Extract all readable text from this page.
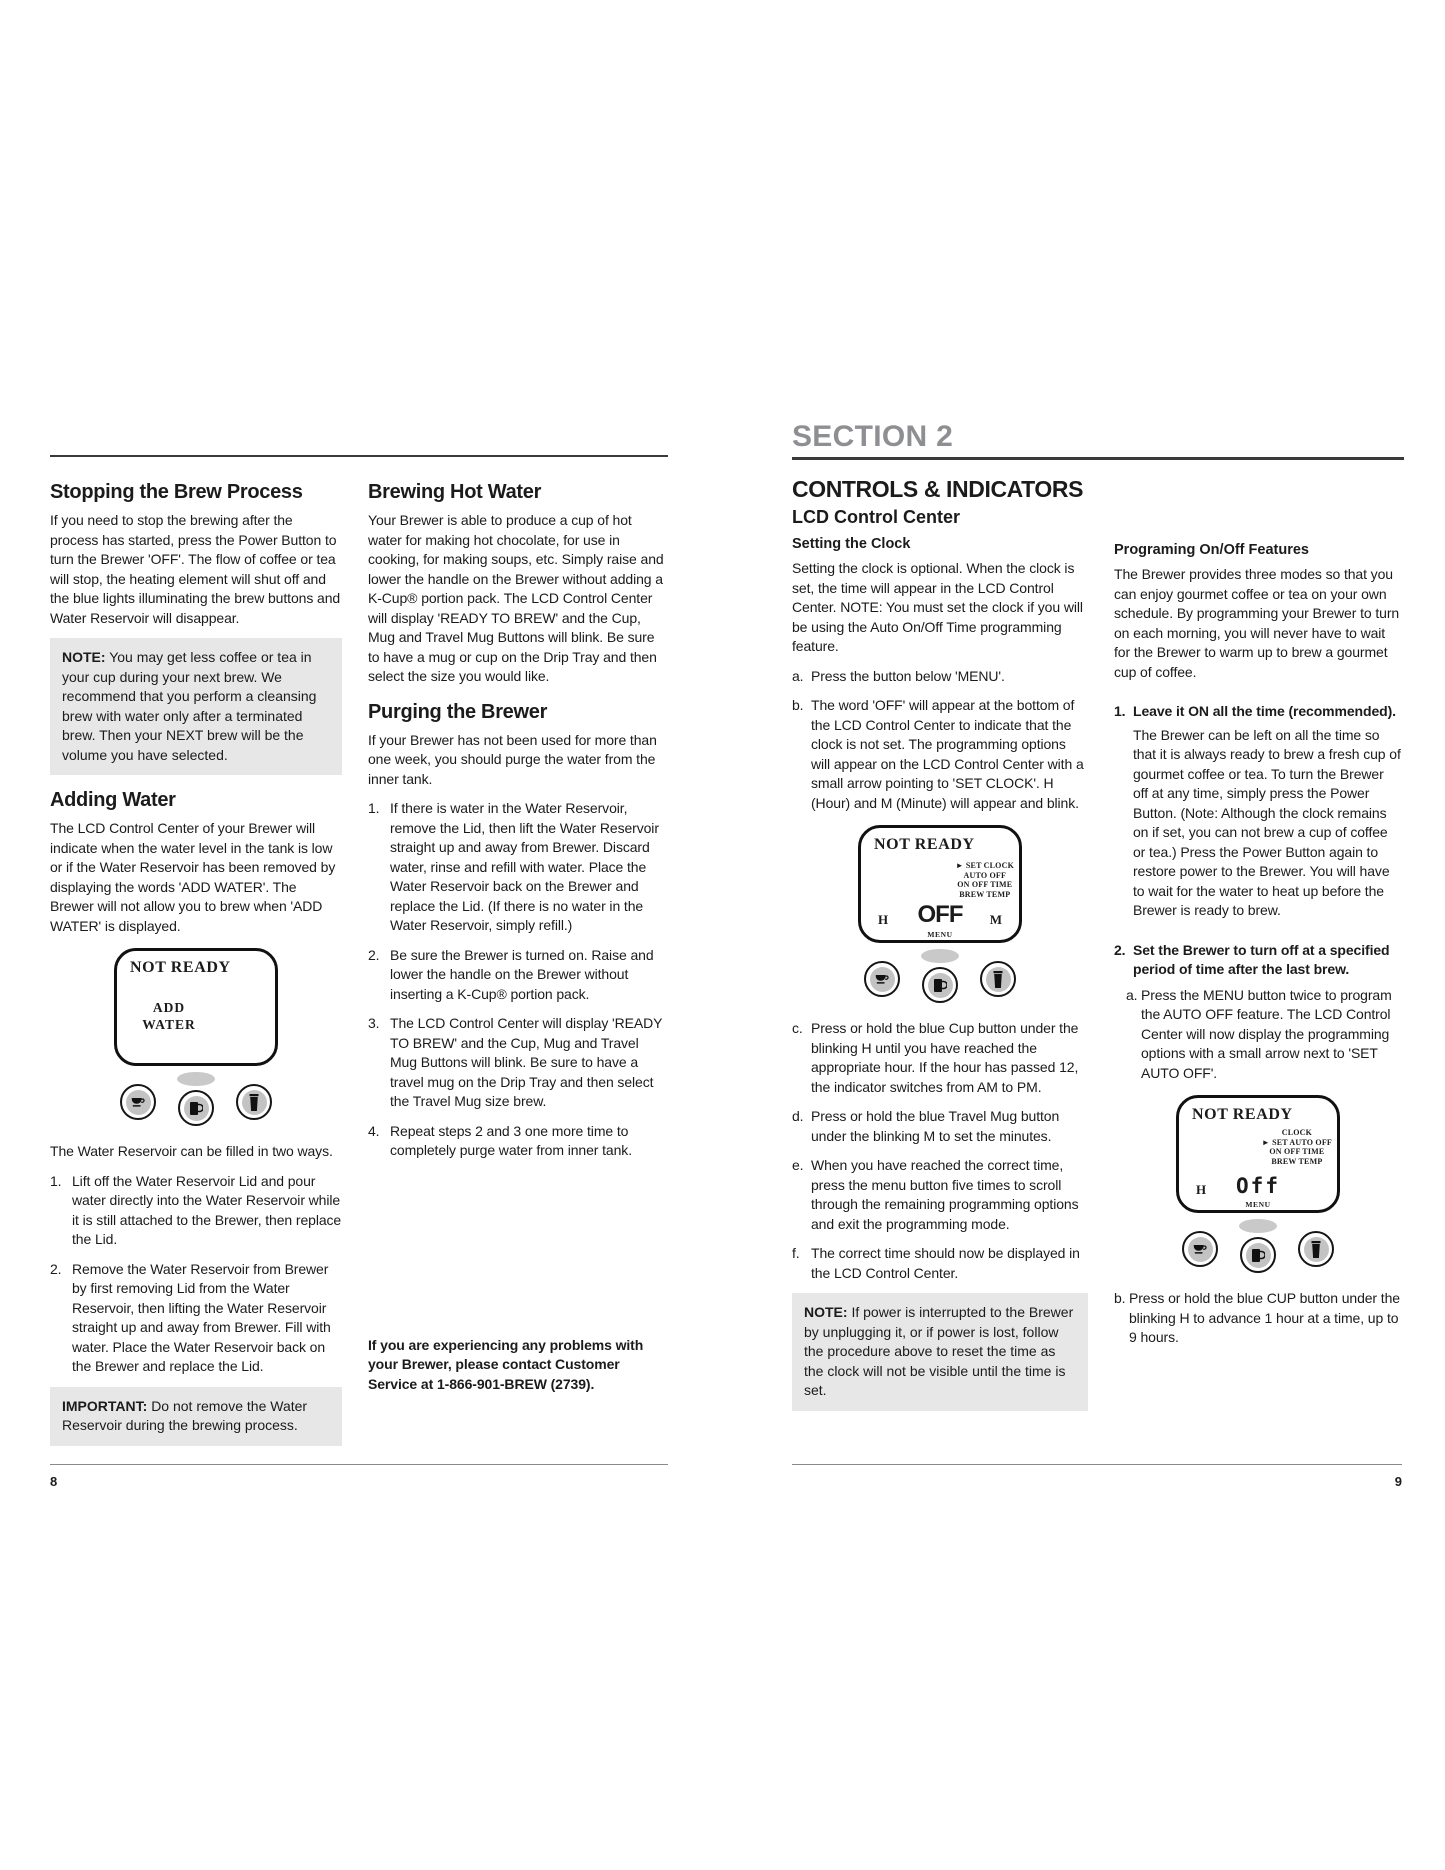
Stopping the Brew Process

If you need to stop the brewing after the process has started, press the Power Button to turn the Brewer 'OFF'. The flow of coffee or tea will stop, the heating element will shut off and the blue lights illuminating the brew buttons and Water Reservoir will disappear.

NOTE: You may get less coffee or tea in your cup during your next brew. We recommend that you perform a cleansing brew with water only after a terminated brew. Then your NEXT brew will be the volume you have selected.
Adding Water

The LCD Control Center of your Brewer will indicate when the water level in the tank is low or if the Water Reservoir has been removed by displaying the words 'ADD WATER'. The Brewer will not allow you to brew when 'ADD WATER' is displayed.

NOT READY
ADD
WATER

The Water Reservoir can be filled in two ways.

1. Lift off the Water Reservoir Lid and pour water directly into the Water Reservoir while it is still attached to the Brewer, then replace the Lid.
2. Remove the Water Reservoir from Brewer by first removing Lid from the Water Reservoir, then lifting the Water Reservoir straight up and away from Brewer. Fill with water. Place the Water Reservoir back on the Brewer and replace the Lid.
IMPORTANT: Do not remove the Water Reservoir during the brewing process.
Brewing Hot Water

Your Brewer is able to produce a cup of hot water for making hot chocolate, for use in cooking, for making soups, etc. Simply raise and lower the handle on the Brewer without adding a K-Cup® portion pack. The LCD Control Center will display 'READY TO BREW' and the Cup, Mug and Travel Mug Buttons will blink. Be sure to have a mug or cup on the Drip Tray and then select the size you would like.

Purging the Brewer

If your Brewer has not been used for more than one week, you should purge the water from the inner tank.

1. If there is water in the Water Reservoir, remove the Lid, then lift the Water Reservoir straight up and away from Brewer. Discard water, rinse and refill with water. Place the Water Reservoir back on the Brewer and replace the Lid. (If there is no water in the Water Reservoir, simply refill.)
2. Be sure the Brewer is turned on. Raise and lower the handle on the Brewer without inserting a K-Cup® portion pack.
3. The LCD Control Center will display 'READY TO BREW' and the Cup, Mug and Travel Mug Buttons will blink. Be sure to have a travel mug on the Drip Tray and then select the Travel Mug size brew.
4. Repeat steps 2 and 3 one more time to completely purge water from inner tank.

If you are experiencing any problems with your Brewer, please contact Customer Service at 1-866-901-BREW (2739).

8
SECTION 2
CONTROLS & INDICATORS
LCD Control Center
Setting the Clock

Setting the clock is optional. When the clock is set, the time will appear in the LCD Control Center. NOTE: You must set the clock if you will be using the Auto On/Off Time programming feature.

a. Press the button below 'MENU'.
b. The word 'OFF' will appear at the bottom of the LCD Control Center to indicate that the clock is not set. The programming options will appear on the LCD Control Center with a small arrow pointing to 'SET CLOCK'. H (Hour) and M (Minute) will appear and blink.
NOT READY
► SET CLOCK
AUTO OFF
ON OFF TIME
BREW TEMP
H	OFF	M
MENU
c. Press or hold the blue Cup button under the blinking H until you have reached the appropriate hour. If the hour has passed 12, the indicator switches from AM to PM.
d. Press or hold the blue Travel Mug button under the blinking M to set the minutes.
e. When you have reached the correct time, press the menu button five times to scroll through the remaining programming options and exit the programming mode.
f. The correct time should now be displayed in the LCD Control Center.
NOTE: If power is interrupted to the Brewer by unplugging it, or if power is lost, follow the procedure above to reset the time as the clock will not be visible until the time is set.
Programing On/Off Features

The Brewer provides three modes so that you can enjoy gourmet coffee or tea on your own schedule. By programming your Brewer to turn on each morning, you will never have to wait for the Brewer to warm up to brew a gourmet cup of coffee.

1. Leave it ON all the time (recommended).

The Brewer can be left on all the time so that it is always ready to brew a fresh cup of gourmet coffee or tea. To turn the Brewer off at any time, simply press the Power Button. (Note: Although the clock remains on if set, you can not brew a cup of coffee or tea.) Press the Power Button again to restore power to the Brewer. You will have to wait for the water to heat up before the Brewer is ready to brew.

2. Set the Brewer to turn off at a specified period of time after the last brew.
a. Press the MENU button twice to program the AUTO OFF feature. The LCD Control Center will now display the programming options with a small arrow next to 'SET AUTO OFF'.
NOT READY
CLOCK
► SET AUTO OFF
ON OFF TIME
BREW TEMP
H	Off
MENU
b. Press or hold the blue CUP button under the blinking H to advance 1 hour at a time, up to 9 hours.
9
